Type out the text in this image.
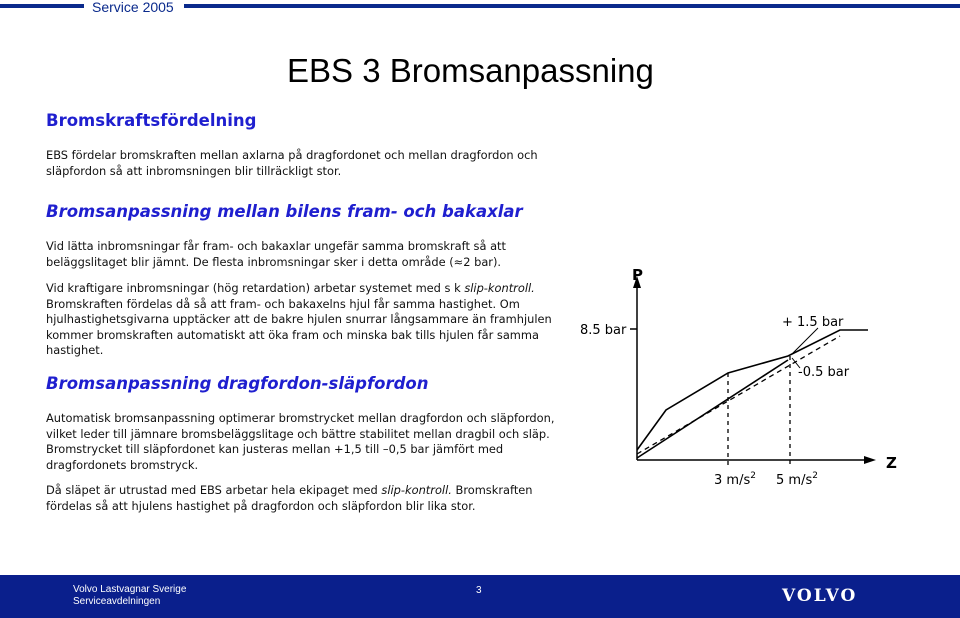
Service 2005
EBS 3 Bromsanpassning
Bromskraftsfördelning
EBS fördelar bromskraften mellan axlarna på dragfordonet och mellan dragfordon och släpfordon så att inbromsningen blir tillräckligt stor.
Bromsanpassning mellan bilens fram- och bakaxlar
Vid lätta inbromsningar får fram- och bakaxlar ungefär samma bromskraft så att beläggslitaget blir jämnt. De flesta inbromsningar sker i detta område (≈2 bar).
Vid kraftigare inbromsningar (hög retardation) arbetar systemet med s k slip-kontroll. Bromskraften fördelas då så att fram- och bakaxelns hjul får samma hastighet. Om hjulhastighetsgivarna upptäcker att de bakre hjulen snurrar långsammare än framhjulen kommer bromskraften automatiskt att öka fram och minska bak tills hjulen får samma hastighet.
Bromsanpassning dragfordon-släpfordon
Automatisk bromsanpassning optimerar bromstrycket mellan dragfordon och släpfordon, vilket leder till jämnare bromsbeläggslitage och bättre stabilitet mellan dragbil och släp. Bromstrycket till släpfordonet kan justeras mellan +1,5 till –0,5 bar jämfört med dragfordonets bromstryck.
Då släpet är utrustad med EBS arbetar hela ekipaget med slip-kontroll. Bromskraften fördelas så att hjulens hastighet på dragfordon och släpfordon blir lika stor.
P
Z
8.5 bar
+ 1.5 bar
-0.5 bar
3 $m/s^2$ 5 $m/s^2$
Volvo Lastvagnar Sverige
Serviceavdelningen
3	VOLVO
